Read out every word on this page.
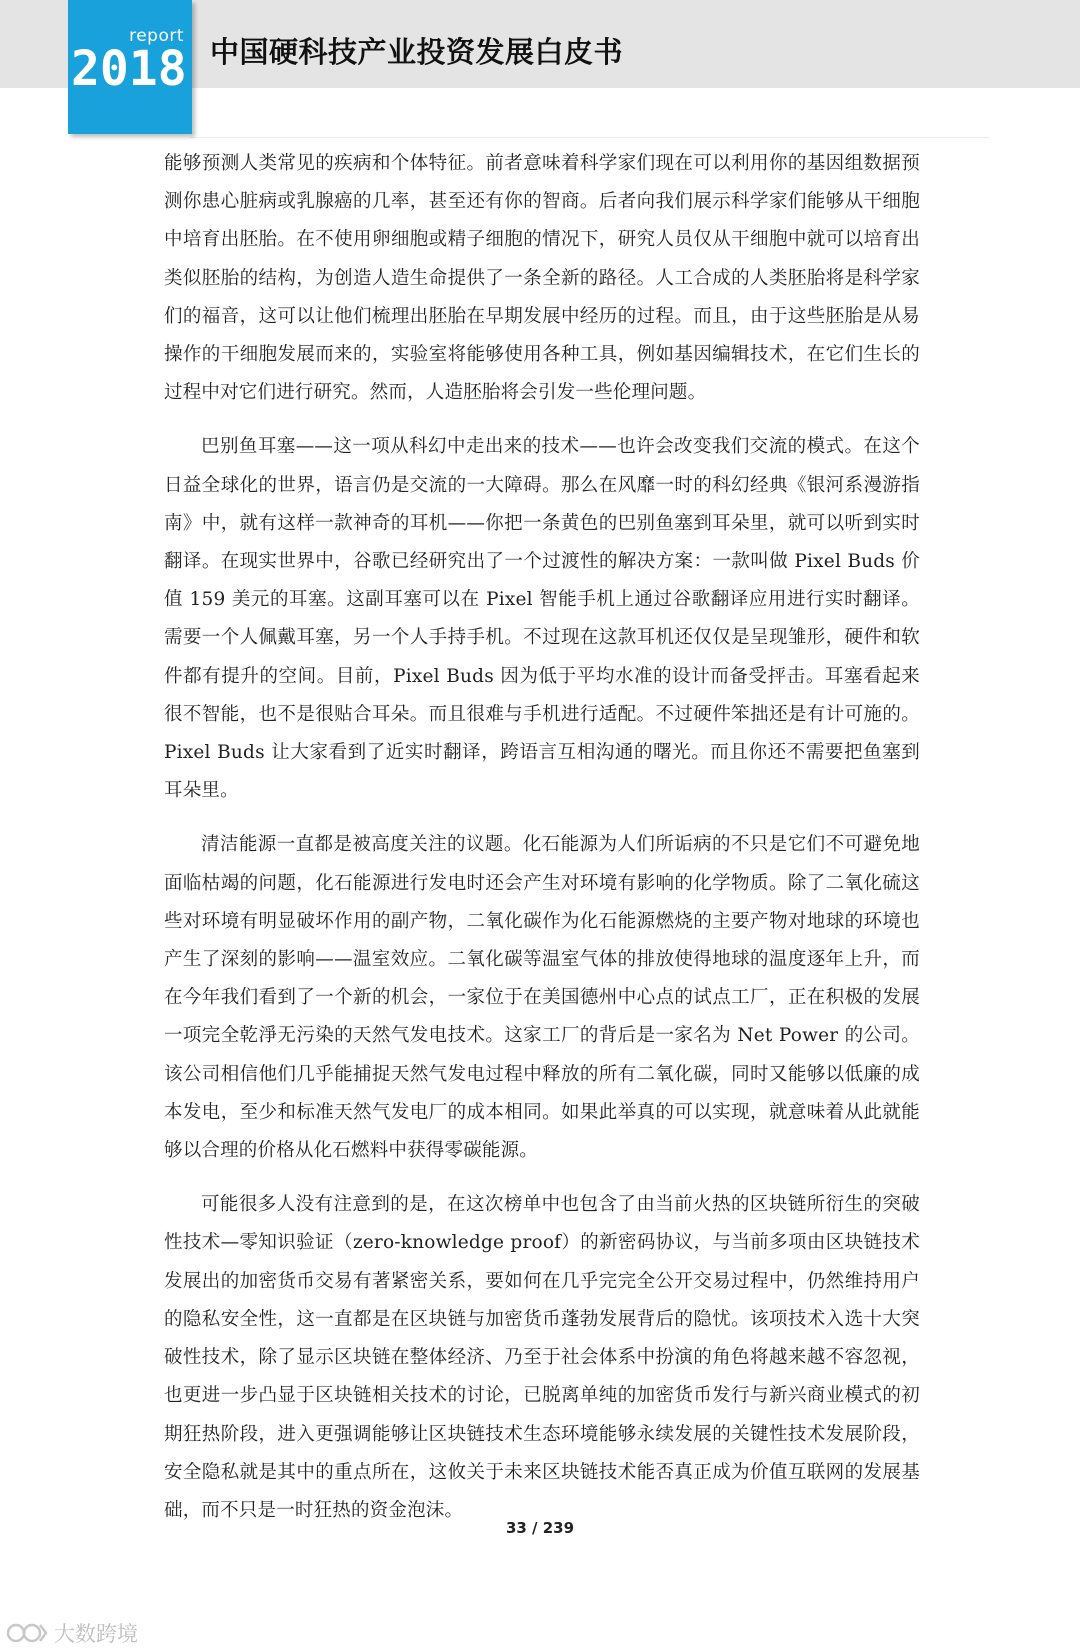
report
2018 中国硬科技产业投资发展白皮书

能够预测人类常见的疾病和个体特征。前者意味着科学家们现在可以利用你的基因组数据预测你患心脏病或乳腺癌的几率，甚至还有你的智商。后者向我们展示科学家们能够从干细胞中培育出胚胎。在不使用卵细胞或精子细胞的情况下，研究人员仅从干细胞中就可以培育出类似胚胎的结构，为创造人造生命提供了一条全新的路径。人工合成的人类胚胎将是科学家们的福音，这可以让他们梳理出胚胎在早期发展中经历的过程。而且，由于这些胚胎是从易操作的干细胞发展而来的，实验室将能够使用各种工具，例如基因编辑技术，在它们生长的过程中对它们进行研究。然而，人造胚胎将会引发一些伦理问题。

巴别鱼耳塞——这一项从科幻中走出来的技术——也许会改变我们交流的模式。在这个日益全球化的世界，语言仍是交流的一大障碍。那么在风靡一时的科幻经典《银河系漫游指南》中，就有这样一款神奇的耳机——你把一条黄色的巴别鱼塞到耳朵里，就可以听到实时翻译。在现实世界中，谷歌已经研究出了一个过渡性的解决方案：一款叫做 Pixel Buds 价值 159 美元的耳塞。这副耳塞可以在 Pixel 智能手机上通过谷歌翻译应用进行实时翻译。需要一个人佩戴耳塞，另一个人手持手机。不过现在这款耳机还仅仅是呈现雏形，硬件和软件都有提升的空间。目前，Pixel Buds 因为低于平均水准的设计而备受抨击。耳塞看起来很不智能，也不是很贴合耳朵。而且很难与手机进行适配。不过硬件笨拙还是有计可施的。Pixel Buds 让大家看到了近实时翻译，跨语言互相沟通的曙光。而且你还不需要把鱼塞到耳朵里。

清洁能源一直都是被高度关注的议题。化石能源为人们所诟病的不只是它们不可避免地面临枯竭的问题，化石能源进行发电时还会产生对环境有影响的化学物质。除了二氧化硫这些对环境有明显破坏作用的副产物，二氧化碳作为化石能源燃烧的主要产物对地球的环境也产生了深刻的影响——温室效应。二氧化碳等温室气体的排放使得地球的温度逐年上升，而在今年我们看到了一个新的机会，一家位于在美国德州中心点的试点工厂，正在积极的发展一项完全乾淨无污染的天然气发电技术。这家工厂的背后是一家名为 Net Power 的公司。该公司相信他们几乎能捕捉天然气发电过程中释放的所有二氧化碳，同时又能够以低廉的成本发电，至少和标准天然气发电厂的成本相同。如果此举真的可以实现，就意味着从此就能够以合理的价格从化石燃料中获得零碳能源。

可能很多人没有注意到的是，在这次榜单中也包含了由当前火热的区块链所衍生的突破性技术—零知识验证（zero-knowledge proof）的新密码协议，与当前多项由区块链技术发展出的加密货币交易有著紧密关系，要如何在几乎完完全公开交易过程中，仍然维持用户的隐私安全性，这一直都是在区块链与加密货币蓬勃发展背后的隐忧。该项技术入选十大突破性技术，除了显示区块链在整体经济、乃至于社会体系中扮演的角色将越来越不容忽视，也更进一步凸显于区块链相关技术的讨论，已脱离单纯的加密货币发行与新兴商业模式的初期狂热阶段，进入更强调能够让区块链技术生态环境能够永续发展的关键性技术发展阶段，安全隐私就是其中的重点所在，这攸关于未来区块链技术能否真正成为价值互联网的发展基础，而不只是一时狂热的资金泡沫。

33 / 239
大数跨境
